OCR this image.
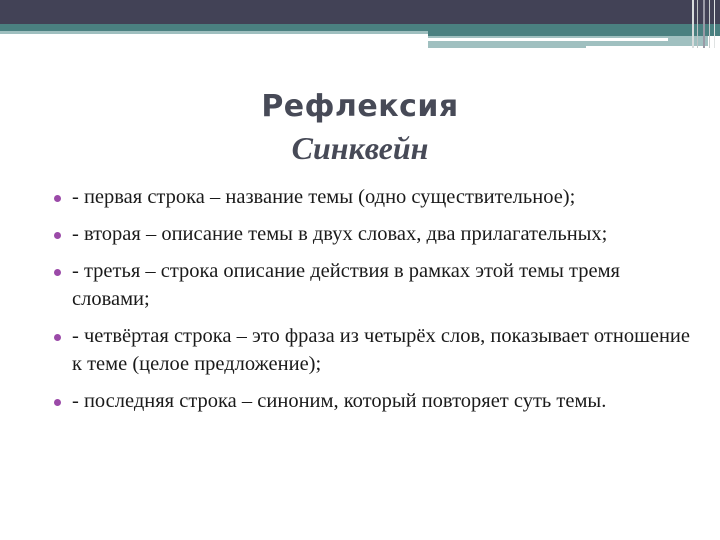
Рефлексия
Синквейн
- первая строка – название темы (одно существительное);
- вторая – описание темы в двух словах, два прилагательных;
- третья – строка описание действия в рамках этой темы тремя словами;
- четвёртая строка – это фраза из четырёх слов, показывает отношение к теме (целое предложение);
- последняя строка – синоним, который повторяет суть темы.
